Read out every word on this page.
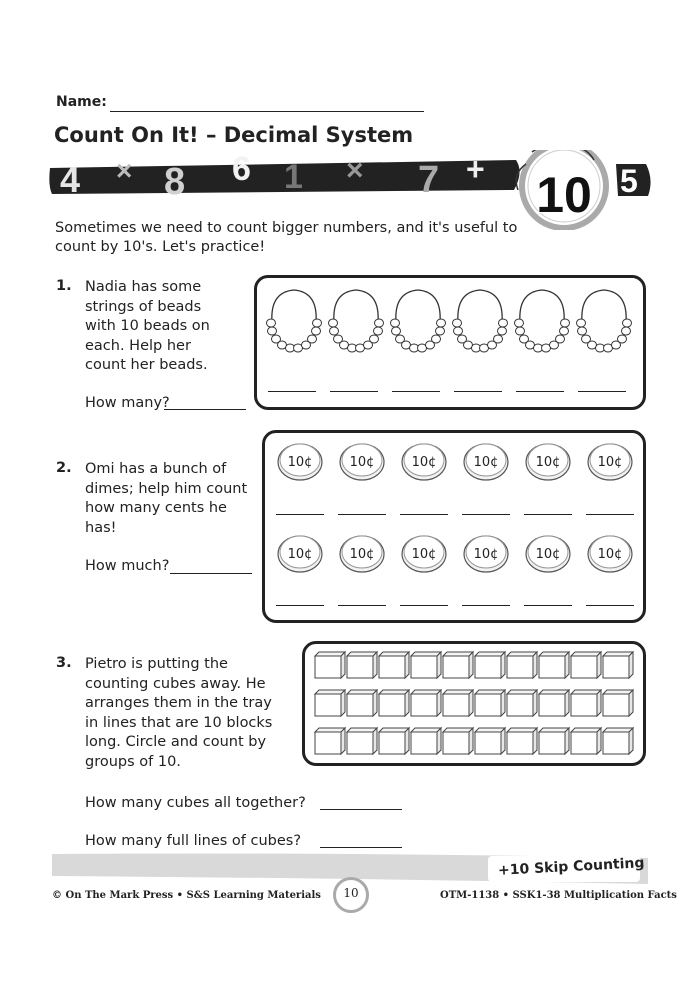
Name:
Count On It! – Decimal System
4 × 8 6 1 × 7 +	5
10
Sometimes we need to count bigger numbers, and it's useful to count by 10's. Let's practice!
1. Nadia has some
strings of beads
with 10 beads on
each. Help her
count her beads.
How many?
2. Omi has a bunch of
dimes; help him count
how many cents he
has!
How much?
10¢	10¢	10¢	10¢	10¢	10¢
10¢	10¢	10¢	10¢	10¢	10¢
3. Pietro is putting the
counting cubes away. He
arranges them in the tray
in lines that are 10 blocks
long. Circle and count by
groups of 10.
How many cubes all together?
How many full lines of cubes?
+10 Skip Counting
© On The Mark Press • S&S Learning Materials	10	OTM-1138 • SSK1-38 Multiplication Facts
